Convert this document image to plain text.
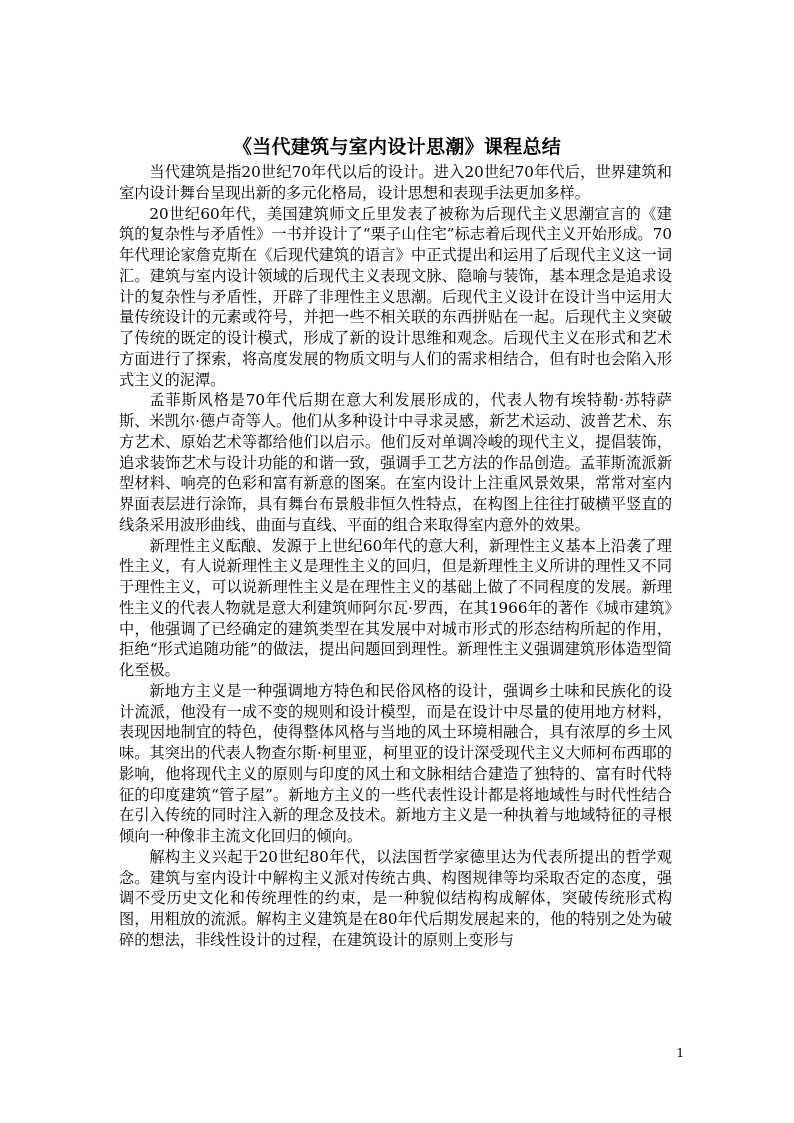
《当代建筑与室内设计思潮》课程总结

当代建筑是指20世纪70年代以后的设计。进入20世纪70年代后，世界建筑和室内设计舞台呈现出新的多元化格局，设计思想和表现手法更加多样。

20世纪60年代，美国建筑师文丘里发表了被称为后现代主义思潮宣言的《建筑的复杂性与矛盾性》一书并设计了“栗子山住宅”标志着后现代主义开始形成。70年代理论家詹克斯在《后现代建筑的语言》中正式提出和运用了后现代主义这一词汇。建筑与室内设计领域的后现代主义表现文脉、隐喻与装饰，基本理念是追求设计的复杂性与矛盾性，开辟了非理性主义思潮。后现代主义设计在设计当中运用大量传统设计的元素或符号，并把一些不相关联的东西拼贴在一起。后现代主义突破了传统的既定的设计模式，形成了新的设计思维和观念。后现代主义在形式和艺术方面进行了探索，将高度发展的物质文明与人们的需求相结合，但有时也会陷入形式主义的泥潭。

孟菲斯风格是70年代后期在意大利发展形成的，代表人物有埃特勒·苏特萨斯、米凯尔·德卢奇等人。他们从多种设计中寻求灵感，新艺术运动、波普艺术、东方艺术、原始艺术等都给他们以启示。他们反对单调冷峻的现代主义，提倡装饰，追求装饰艺术与设计功能的和谐一致，强调手工艺方法的作品创造。孟菲斯流派新型材料、响亮的色彩和富有新意的图案。在室内设计上注重风景效果，常常对室内界面表层进行涂饰，具有舞台布景般非恒久性特点，在构图上往往打破横平竖直的线条采用波形曲线、曲面与直线、平面的组合来取得室内意外的效果。

新理性主义酝酿、发源于上世纪60年代的意大利，新理性主义基本上沿袭了理性主义，有人说新理性主义是理性主义的回归，但是新理性主义所讲的理性又不同于理性主义，可以说新理性主义是在理性主义的基础上做了不同程度的发展。新理性主义的代表人物就是意大利建筑师阿尔瓦·罗西，在其1966年的著作《城市建筑》中，他强调了已经确定的建筑类型在其发展中对城市形式的形态结构所起的作用，拒绝“形式追随功能”的做法，提出问题回到理性。新理性主义强调建筑形体造型简化至极。

新地方主义是一种强调地方特色和民俗风格的设计，强调乡土味和民族化的设计流派，他没有一成不变的规则和设计模型，而是在设计中尽量的使用地方材料，表现因地制宜的特色，使得整体风格与当地的风土环境相融合，具有浓厚的乡土风味。其突出的代表人物查尔斯·柯里亚，柯里亚的设计深受现代主义大师柯布西耶的影响，他将现代主义的原则与印度的风土和文脉相结合建造了独特的、富有时代特征的印度建筑“管子屋”。新地方主义的一些代表性设计都是将地域性与时代性结合在引入传统的同时注入新的理念及技术。新地方主义是一种执着与地域特征的寻根倾向一种像非主流文化回归的倾向。

解构主义兴起于20世纪80年代，以法国哲学家德里达为代表所提出的哲学观念。建筑与室内设计中解构主义派对传统古典、构图规律等均采取否定的态度，强调不受历史文化和传统理性的约束，是一种貌似结构构成解体，突破传统形式构图，用粗放的流派。解构主义建筑是在80年代后期发展起来的，他的特别之处为破碎的想法，非线性设计的过程，在建筑设计的原则上变形与

1
